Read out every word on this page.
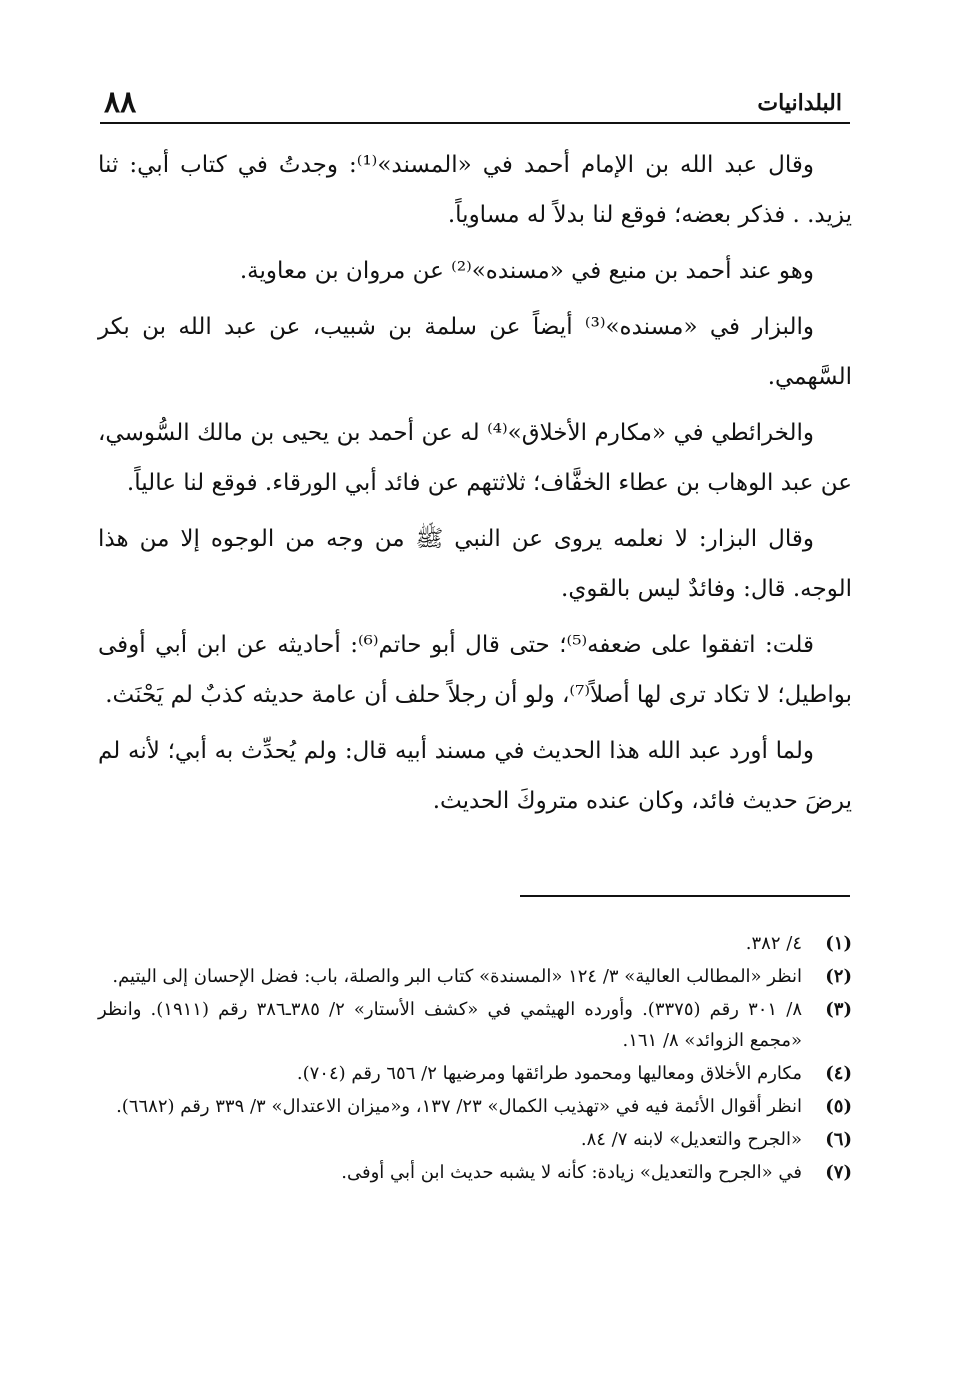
٨٨	البلدانيات

وقال عبد الله بن الإمام أحمد في «المسند»⁽¹⁾: وجدتُ في كتاب أبي: ثنا يزيد. . فذكر بعضه؛ فوقع لنا بدلاً له مساوياً.

وهو عند أحمد بن منيع في «مسنده»⁽²⁾ عن مروان بن معاوية.

والبزار في «مسنده»⁽³⁾ أيضاً عن سلمة بن شبيب، عن عبد الله بن بكر السَّهمي.

والخرائطي في «مكارم الأخلاق»⁽⁴⁾ له عن أحمد بن يحيى بن مالك السُّوسي، عن عبد الوهاب بن عطاء الخفَّاف؛ ثلاثتهم عن فائد أبي الورقاء. فوقع لنا عالياً.

وقال البزار: لا نعلمه يروى عن النبي ﷺ من وجه من الوجوه إلا من هذا الوجه. قال: وفائدٌ ليس بالقوي.

قلت: اتفقوا على ضعفه⁽⁵⁾؛ حتى قال أبو حاتم⁽⁶⁾: أحاديثه عن ابن أبي أوفى بواطيل؛ لا تكاد ترى لها أصلاً⁽⁷⁾، ولو أن رجلاً حلف أن عامة حديثه كذبٌ لم يَحْنَث.

ولما أورد عبد الله هذا الحديث في مسند أبيه قال: ولم يُحدِّث به أبي؛ لأنه لم يرضَ حديث فائد، وكان عنده متروكَ الحديث.

(١)
٤/ ٣٨٢.
(٢)
انظر «المطالب العالية» ٣/ ١٢٤ «المسندة» كتاب البر والصلة، باب: فضل الإحسان إلى اليتيم.
(٣)
٨/ ٣٠١ رقم (٣٣٧٥). وأورده الهيثمي في «كشف الأستار» ٢/ ٣٨٥ـ٣٨٦ رقم (١٩١١). وانظر «مجمع الزوائد» ٨/ ١٦١.
(٤)
مكارم الأخلاق ومعاليها ومحمود طرائقها ومرضيها ٢/ ٦٥٦ رقم (٧٠٤).
(٥)
انظر أقوال الأئمة فيه في «تهذيب الكمال» ٢٣/ ١٣٧، و«ميزان الاعتدال» ٣/ ٣٣٩ رقم (٦٦٨٢).
(٦)
«الجرح والتعديل» لابنه ٧/ ٨٤.
(٧)
في «الجرح والتعديل» زيادة: كأنه لا يشبه حديث ابن أبي أوفى.
